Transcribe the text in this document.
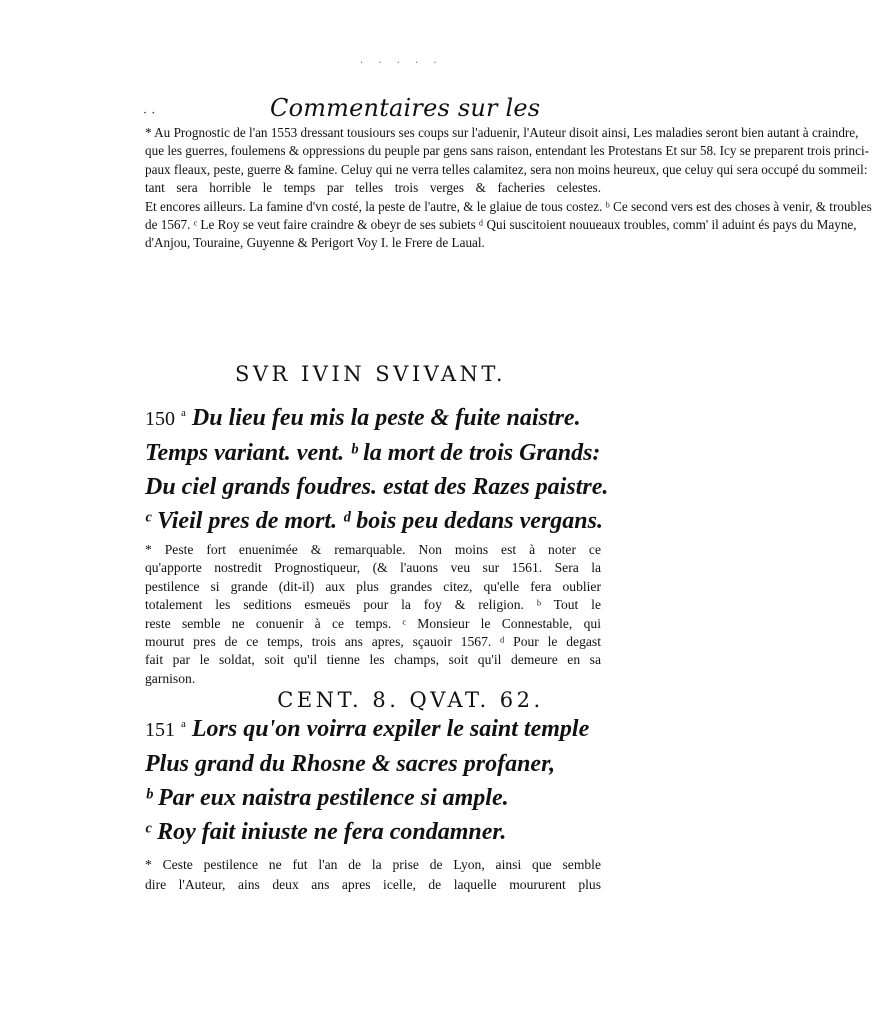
· · · · ·
· ·	Commentaires sur les
* Au Prognostic de l'an 1553 dressant tousiours ses coups sur l'aduenir, l'Auteur disoit ainsi, Les maladies seront bien autant à craindre,
que les guerres, foulemens & oppressions du peuple par gens sans raison, entendant les Protestans Et sur 58. Icy se preparent trois princi-
paux fleaux, peste, guerre & famine. Celuy qui ne verra telles calamitez, sera non moins heureux, que celuy qui sera occupé du sommeil:
tant sera horrible le temps par telles trois verges & facheries celestes.
Et encores ailleurs. La famine d'vn costé, la peste de l'autre, & le glaiue de tous costez. ᵇ Ce second vers est des choses à venir, & troubles
de 1567. ᶜ Le Roy se veut faire craindre & obeyr de ses subiets ᵈ Qui suscitoient nouueaux troubles, comm' il aduint és pays du Mayne,
d'Anjou, Touraine, Guyenne & Perigort Voy I. le Frere de Laual.
SVR IVIN SVIVANT.
150 $^a$ Du lieu feu mis la peste & fuite naistre.
Temps variant. vent. ᵇ la mort de trois Grands:
Du ciel grands foudres. estat des Razes paistre.
ᶜ Vieil pres de mort. ᵈ bois peu dedans vergans.
* Peste fort enuenimée & remarquable. Non moins est à noter ce
qu'apporte nostredit Prognostiqueur, (& l'auons veu sur 1561. Sera la
pestilence si grande (dit-il) aux plus grandes citez, qu'elle fera oublier
totalement les seditions esmeuës pour la foy & religion. ᵇ Tout le
reste semble ne conuenir à ce temps. ᶜ Monsieur le Connestable, qui
mourut pres de ce temps, trois ans apres, sçauoir 1567. ᵈ Pour le degast
fait par le soldat, soit qu'il tienne les champs, soit qu'il demeure en sa
garnison.
CENT. 8. QVAT. 62.
151 $^a$ Lors qu'on voirra expiler le saint temple
Plus grand du Rhosne & sacres profaner,
ᵇ Par eux naistra pestilence si ample.
ᶜ Roy fait iniuste ne fera condamner.
* Ceste pestilence ne fut l'an de la prise de Lyon, ainsi que semble
dire l'Auteur, ains deux ans apres icelle, de laquelle moururent plus
